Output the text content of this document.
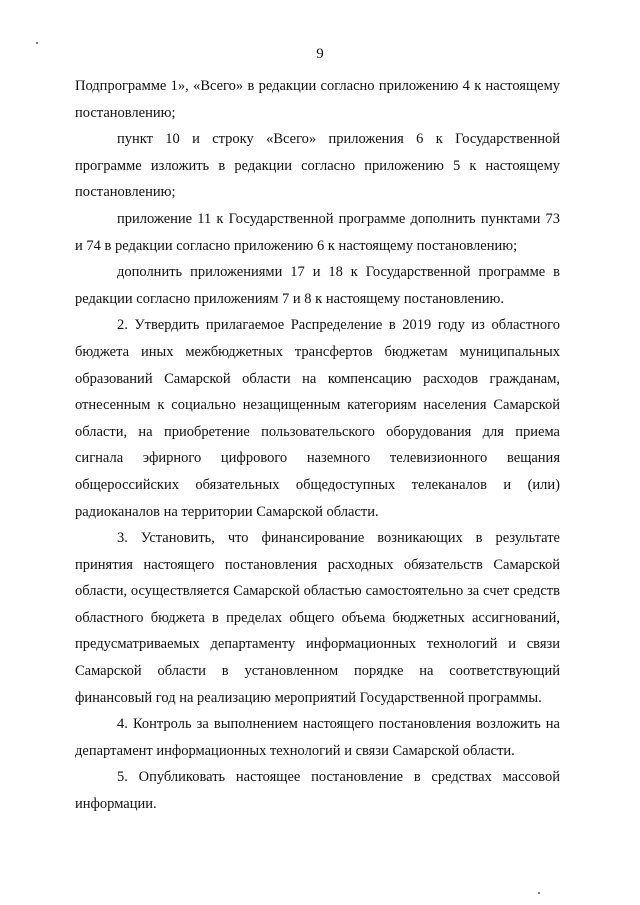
9

Подпрограмме 1», «Всего» в редакции согласно приложению 4 к настоящему постановлению;

пункт 10 и строку «Всего» приложения 6 к Государственной программе изложить в редакции согласно приложению 5 к настоящему постановлению;

приложение 11 к Государственной программе дополнить пунктами 73 и 74 в редакции согласно приложению 6 к настоящему постановлению;

дополнить приложениями 17 и 18 к Государственной программе в редакции согласно приложениям 7 и 8 к настоящему постановлению.

2. Утвердить прилагаемое Распределение в 2019 году из областного бюджета иных межбюджетных трансфертов бюджетам муниципальных образований Самарской области на компенсацию расходов гражданам, отнесенным к социально незащищенным категориям населения Самарской области, на приобретение пользовательского оборудования для приема сигнала эфирного цифрового наземного телевизионного вещания общероссийских обязательных общедоступных телеканалов и (или) радиоканалов на территории Самарской области.

3. Установить, что финансирование возникающих в результате принятия настоящего постановления расходных обязательств Самарской области, осуществляется Самарской областью самостоятельно за счет средств областного бюджета в пределах общего объема бюджетных ассигнований, предусматриваемых департаменту информационных технологий и связи Самарской области в установленном порядке на соответствующий финансовый год на реализацию мероприятий Государственной программы.

4. Контроль за выполнением настоящего постановления возложить на департамент информационных технологий и связи Самарской области.

5. Опубликовать настоящее постановление в средствах массовой информации.
